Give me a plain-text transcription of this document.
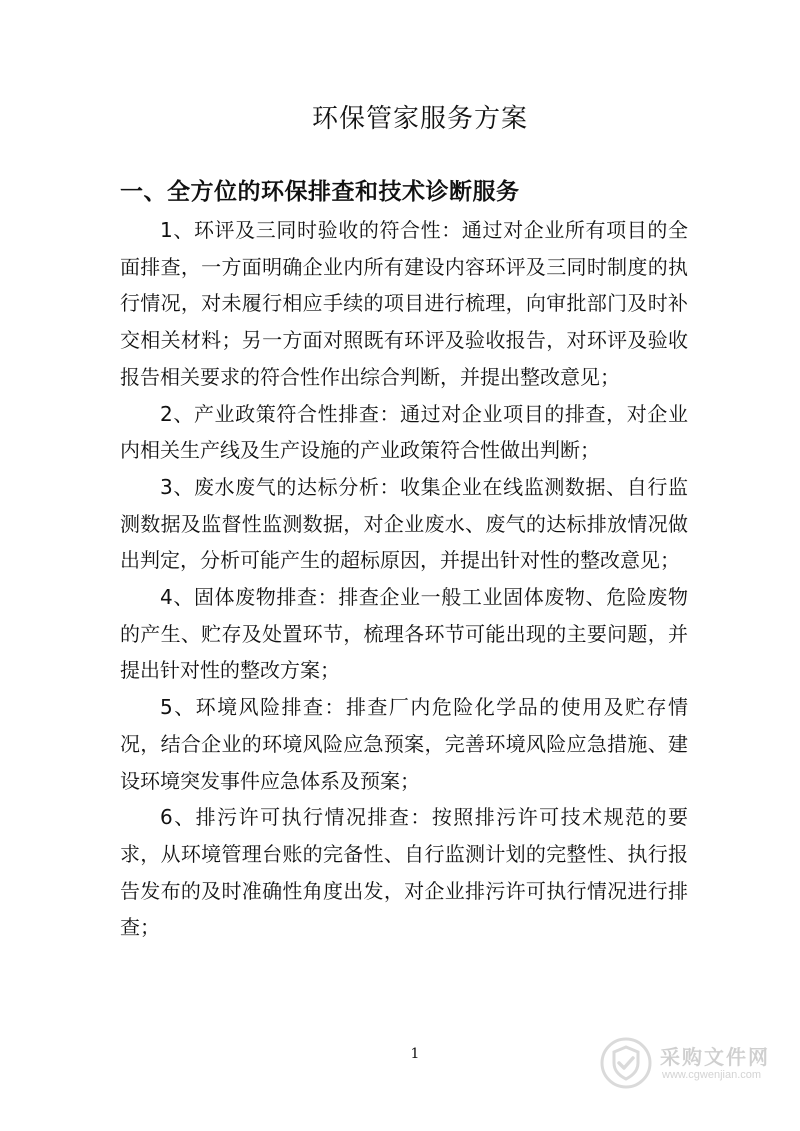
环保管家服务方案
一、全方位的环保排查和技术诊断服务

1、环评及三同时验收的符合性：通过对企业所有项目的全面排查，一方面明确企业内所有建设内容环评及三同时制度的执行情况，对未履行相应手续的项目进行梳理，向审批部门及时补交相关材料；另一方面对照既有环评及验收报告，对环评及验收报告相关要求的符合性作出综合判断，并提出整改意见；

2、产业政策符合性排查：通过对企业项目的排查，对企业内相关生产线及生产设施的产业政策符合性做出判断；

3、废水废气的达标分析：收集企业在线监测数据、自行监测数据及监督性监测数据，对企业废水、废气的达标排放情况做出判定，分析可能产生的超标原因，并提出针对性的整改意见；

4、固体废物排查：排查企业一般工业固体废物、危险废物的产生、贮存及处置环节，梳理各环节可能出现的主要问题，并提出针对性的整改方案；

5、环境风险排查：排查厂内危险化学品的使用及贮存情况，结合企业的环境风险应急预案，完善环境风险应急措施、建设环境突发事件应急体系及预案；

6、排污许可执行情况排查：按照排污许可技术规范的要求，从环境管理台账的完备性、自行监测计划的完整性、执行报告发布的及时准确性角度出发，对企业排污许可执行情况进行排查；

1	采购文件网
www.cgwenjian.com
